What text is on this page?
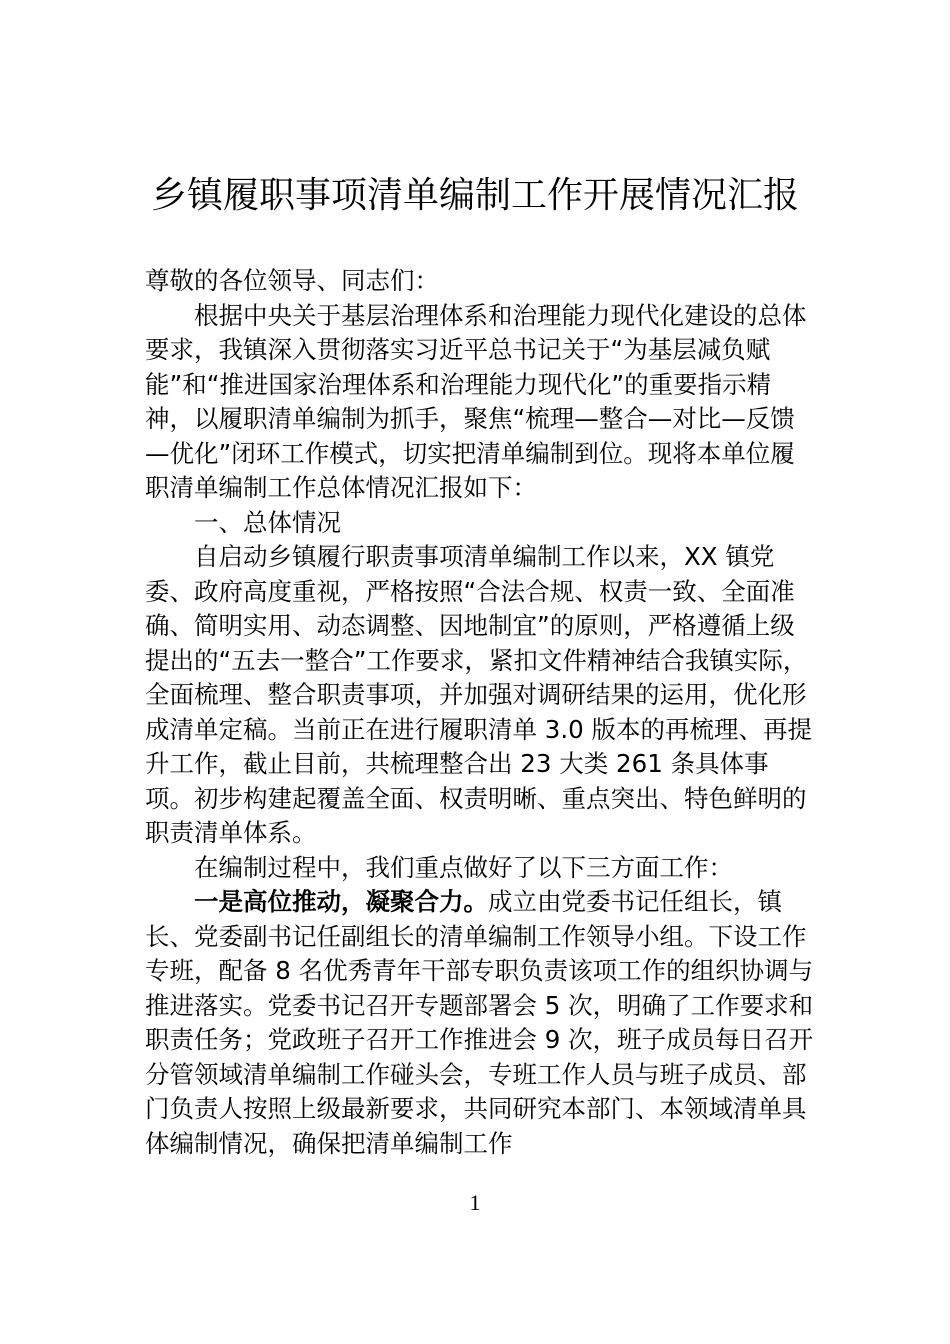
乡镇履职事项清单编制工作开展情况汇报

尊敬的各位领导、同志们：

根据中央关于基层治理体系和治理能力现代化建设的总体要求，我镇深入贯彻落实习近平总书记关于“为基层减负赋能”和“推进国家治理体系和治理能力现代化”的重要指示精神，以履职清单编制为抓手，聚焦“梳理—整合—对比—反馈—优化”闭环工作模式，切实把清单编制到位。现将本单位履职清单编制工作总体情况汇报如下：

一、总体情况

自启动乡镇履行职责事项清单编制工作以来，XX 镇党委、政府高度重视，严格按照“合法合规、权责一致、全面准确、简明实用、动态调整、因地制宜”的原则，严格遵循上级提出的“五去一整合”工作要求，紧扣文件精神结合我镇实际，全面梳理、整合职责事项，并加强对调研结果的运用，优化形成清单定稿。当前正在进行履职清单 3.0 版本的再梳理、再提升工作，截止目前，共梳理整合出 23 大类 261 条具体事项。初步构建起覆盖全面、权责明晰、重点突出、特色鲜明的职责清单体系。

在编制过程中，我们重点做好了以下三方面工作：

一是高位推动，凝聚合力。成立由党委书记任组长，镇长、党委副书记任副组长的清单编制工作领导小组。下设工作专班，配备 8 名优秀青年干部专职负责该项工作的组织协调与推进落实。党委书记召开专题部署会 5 次，明确了工作要求和职责任务；党政班子召开工作推进会 9 次，班子成员每日召开分管领域清单编制工作碰头会，专班工作人员与班子成员、部门负责人按照上级最新要求，共同研究本部门、本领域清单具体编制情况，确保把清单编制工作

1
